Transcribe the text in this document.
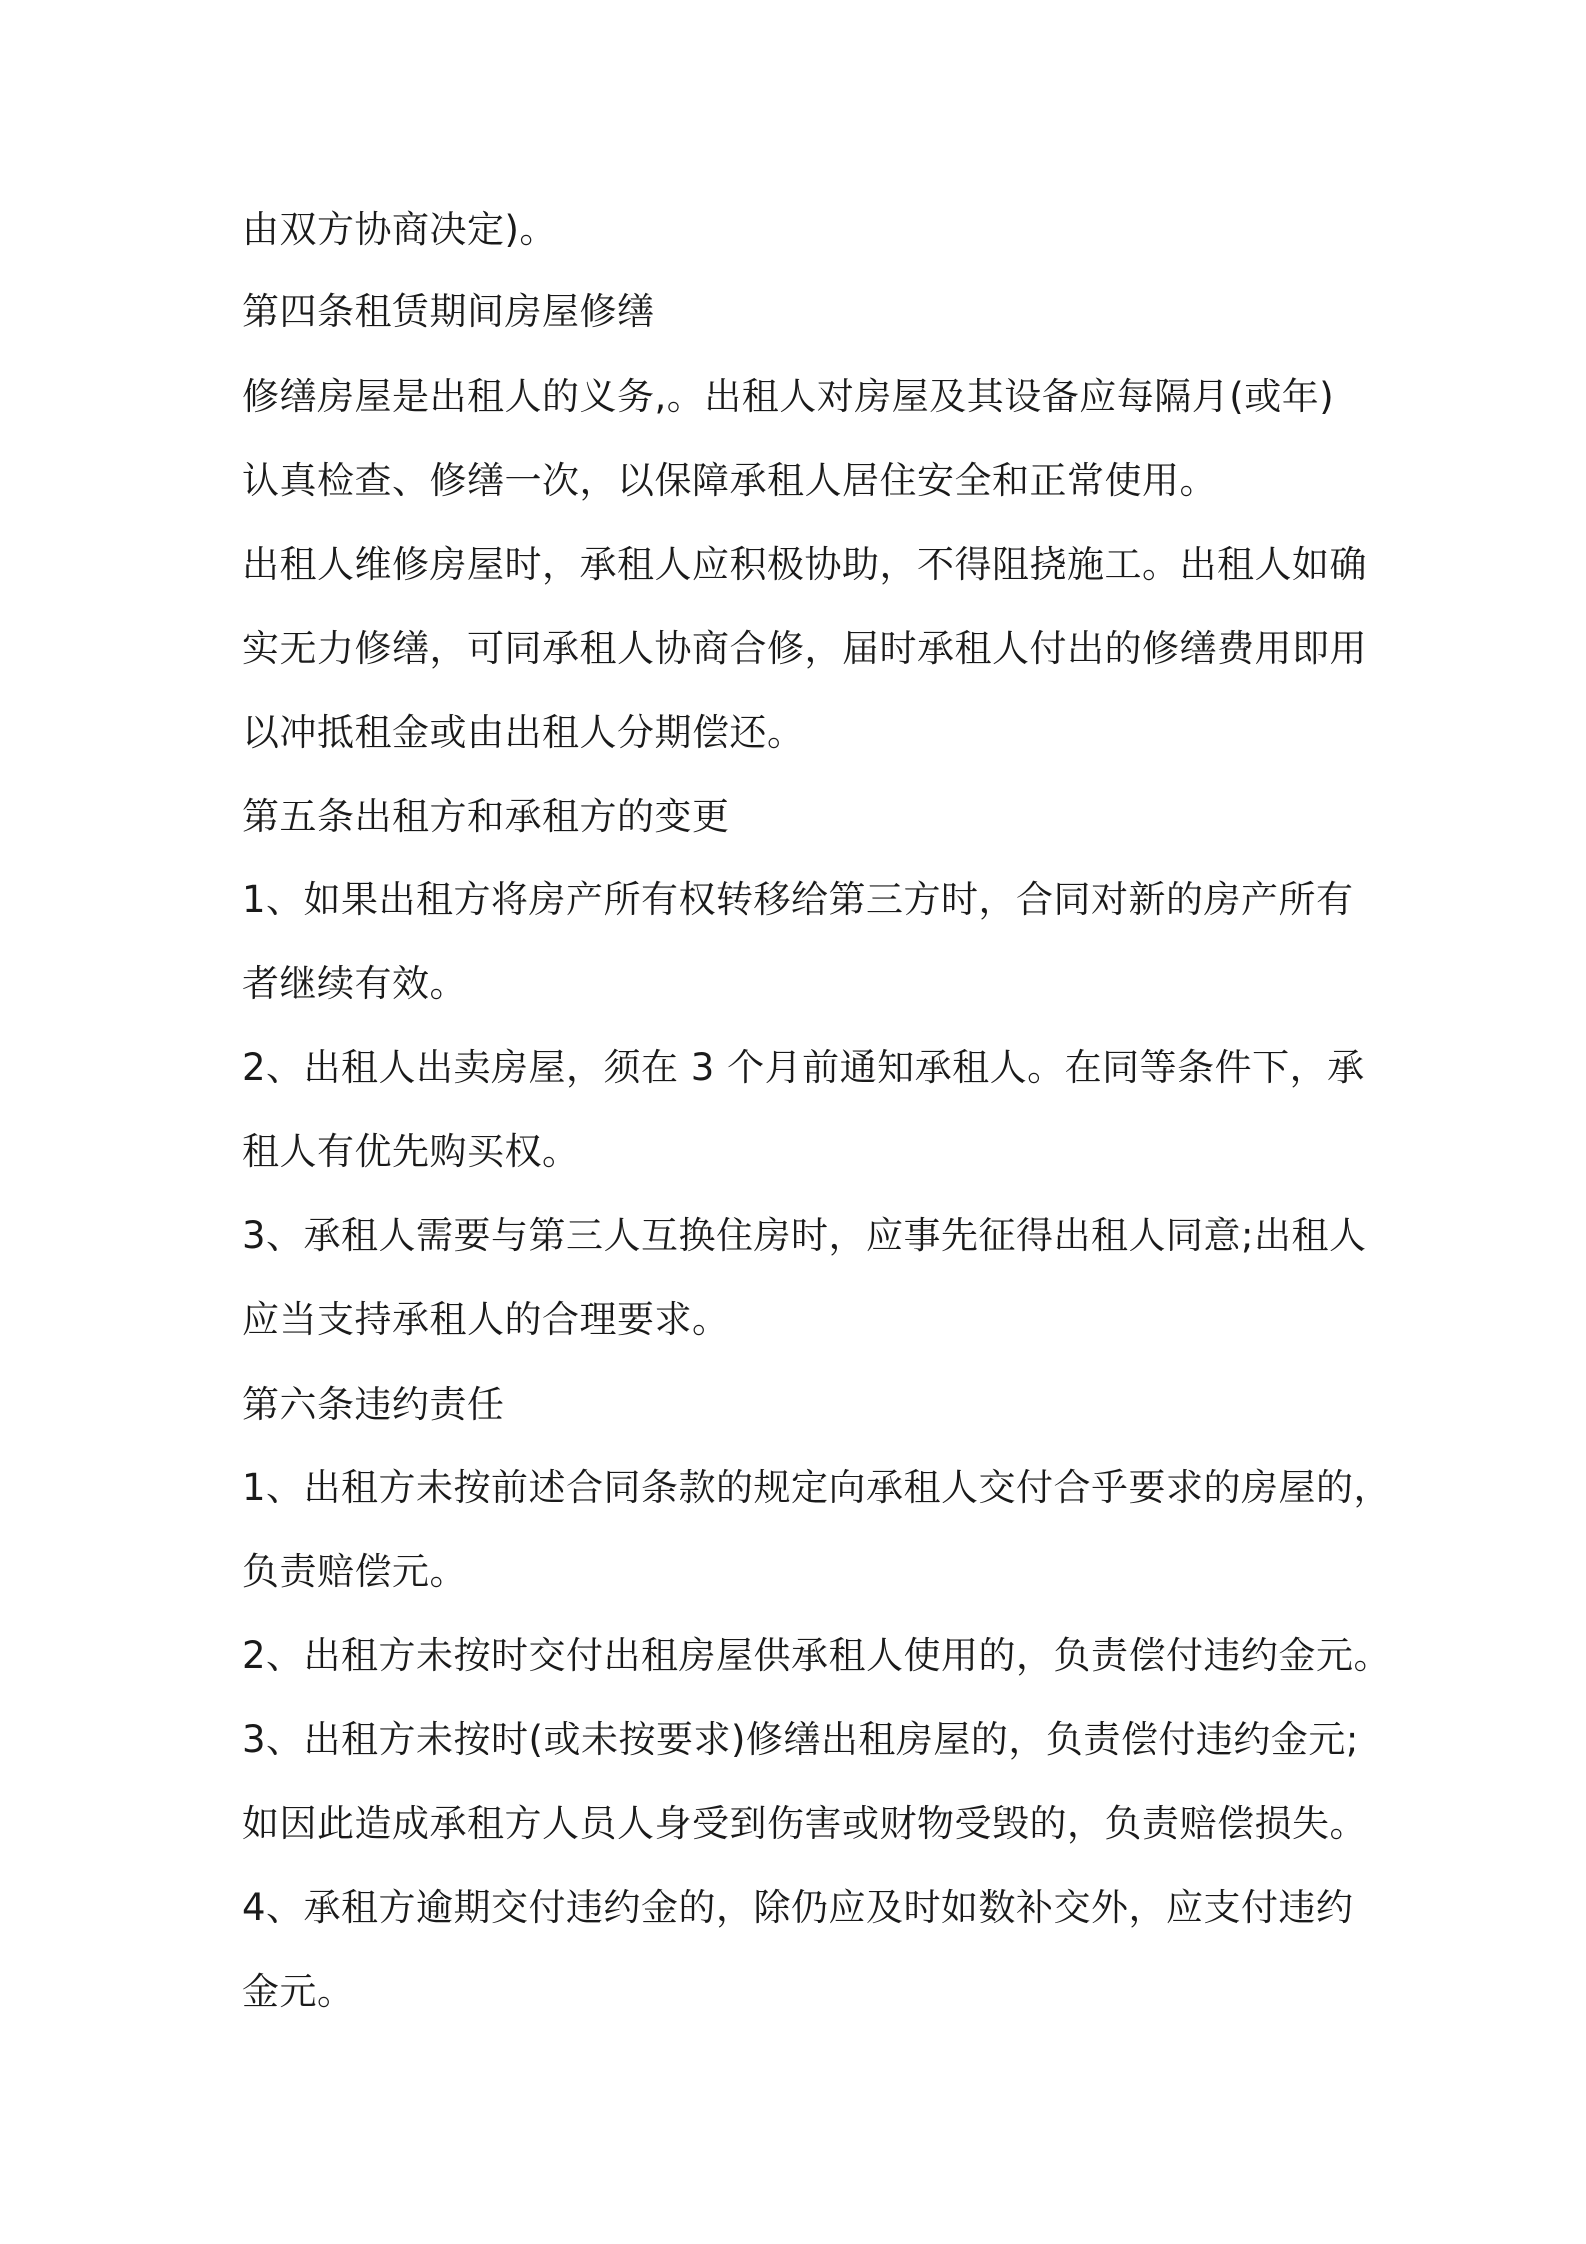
由双方协商决定)。
第四条租赁期间房屋修缮
修缮房屋是出租人的义务,。出租人对房屋及其设备应每隔月(或年)
认真检查、修缮一次，以保障承租人居住安全和正常使用。
出租人维修房屋时，承租人应积极协助，不得阻挠施工。出租人如确
实无力修缮，可同承租人协商合修，届时承租人付出的修缮费用即用
以冲抵租金或由出租人分期偿还。
第五条出租方和承租方的变更
1、如果出租方将房产所有权转移给第三方时，合同对新的房产所有
者继续有效。
2、出租人出卖房屋，须在 3 个月前通知承租人。在同等条件下，承
租人有优先购买权。
3、承租人需要与第三人互换住房时，应事先征得出租人同意;出租人
应当支持承租人的合理要求。
第六条违约责任
1、出租方未按前述合同条款的规定向承租人交付合乎要求的房屋的，
负责赔偿元。
2、出租方未按时交付出租房屋供承租人使用的，负责偿付违约金元。
3、出租方未按时(或未按要求)修缮出租房屋的，负责偿付违约金元;
如因此造成承租方人员人身受到伤害或财物受毁的，负责赔偿损失。
4、承租方逾期交付违约金的，除仍应及时如数补交外，应支付违约
金元。
